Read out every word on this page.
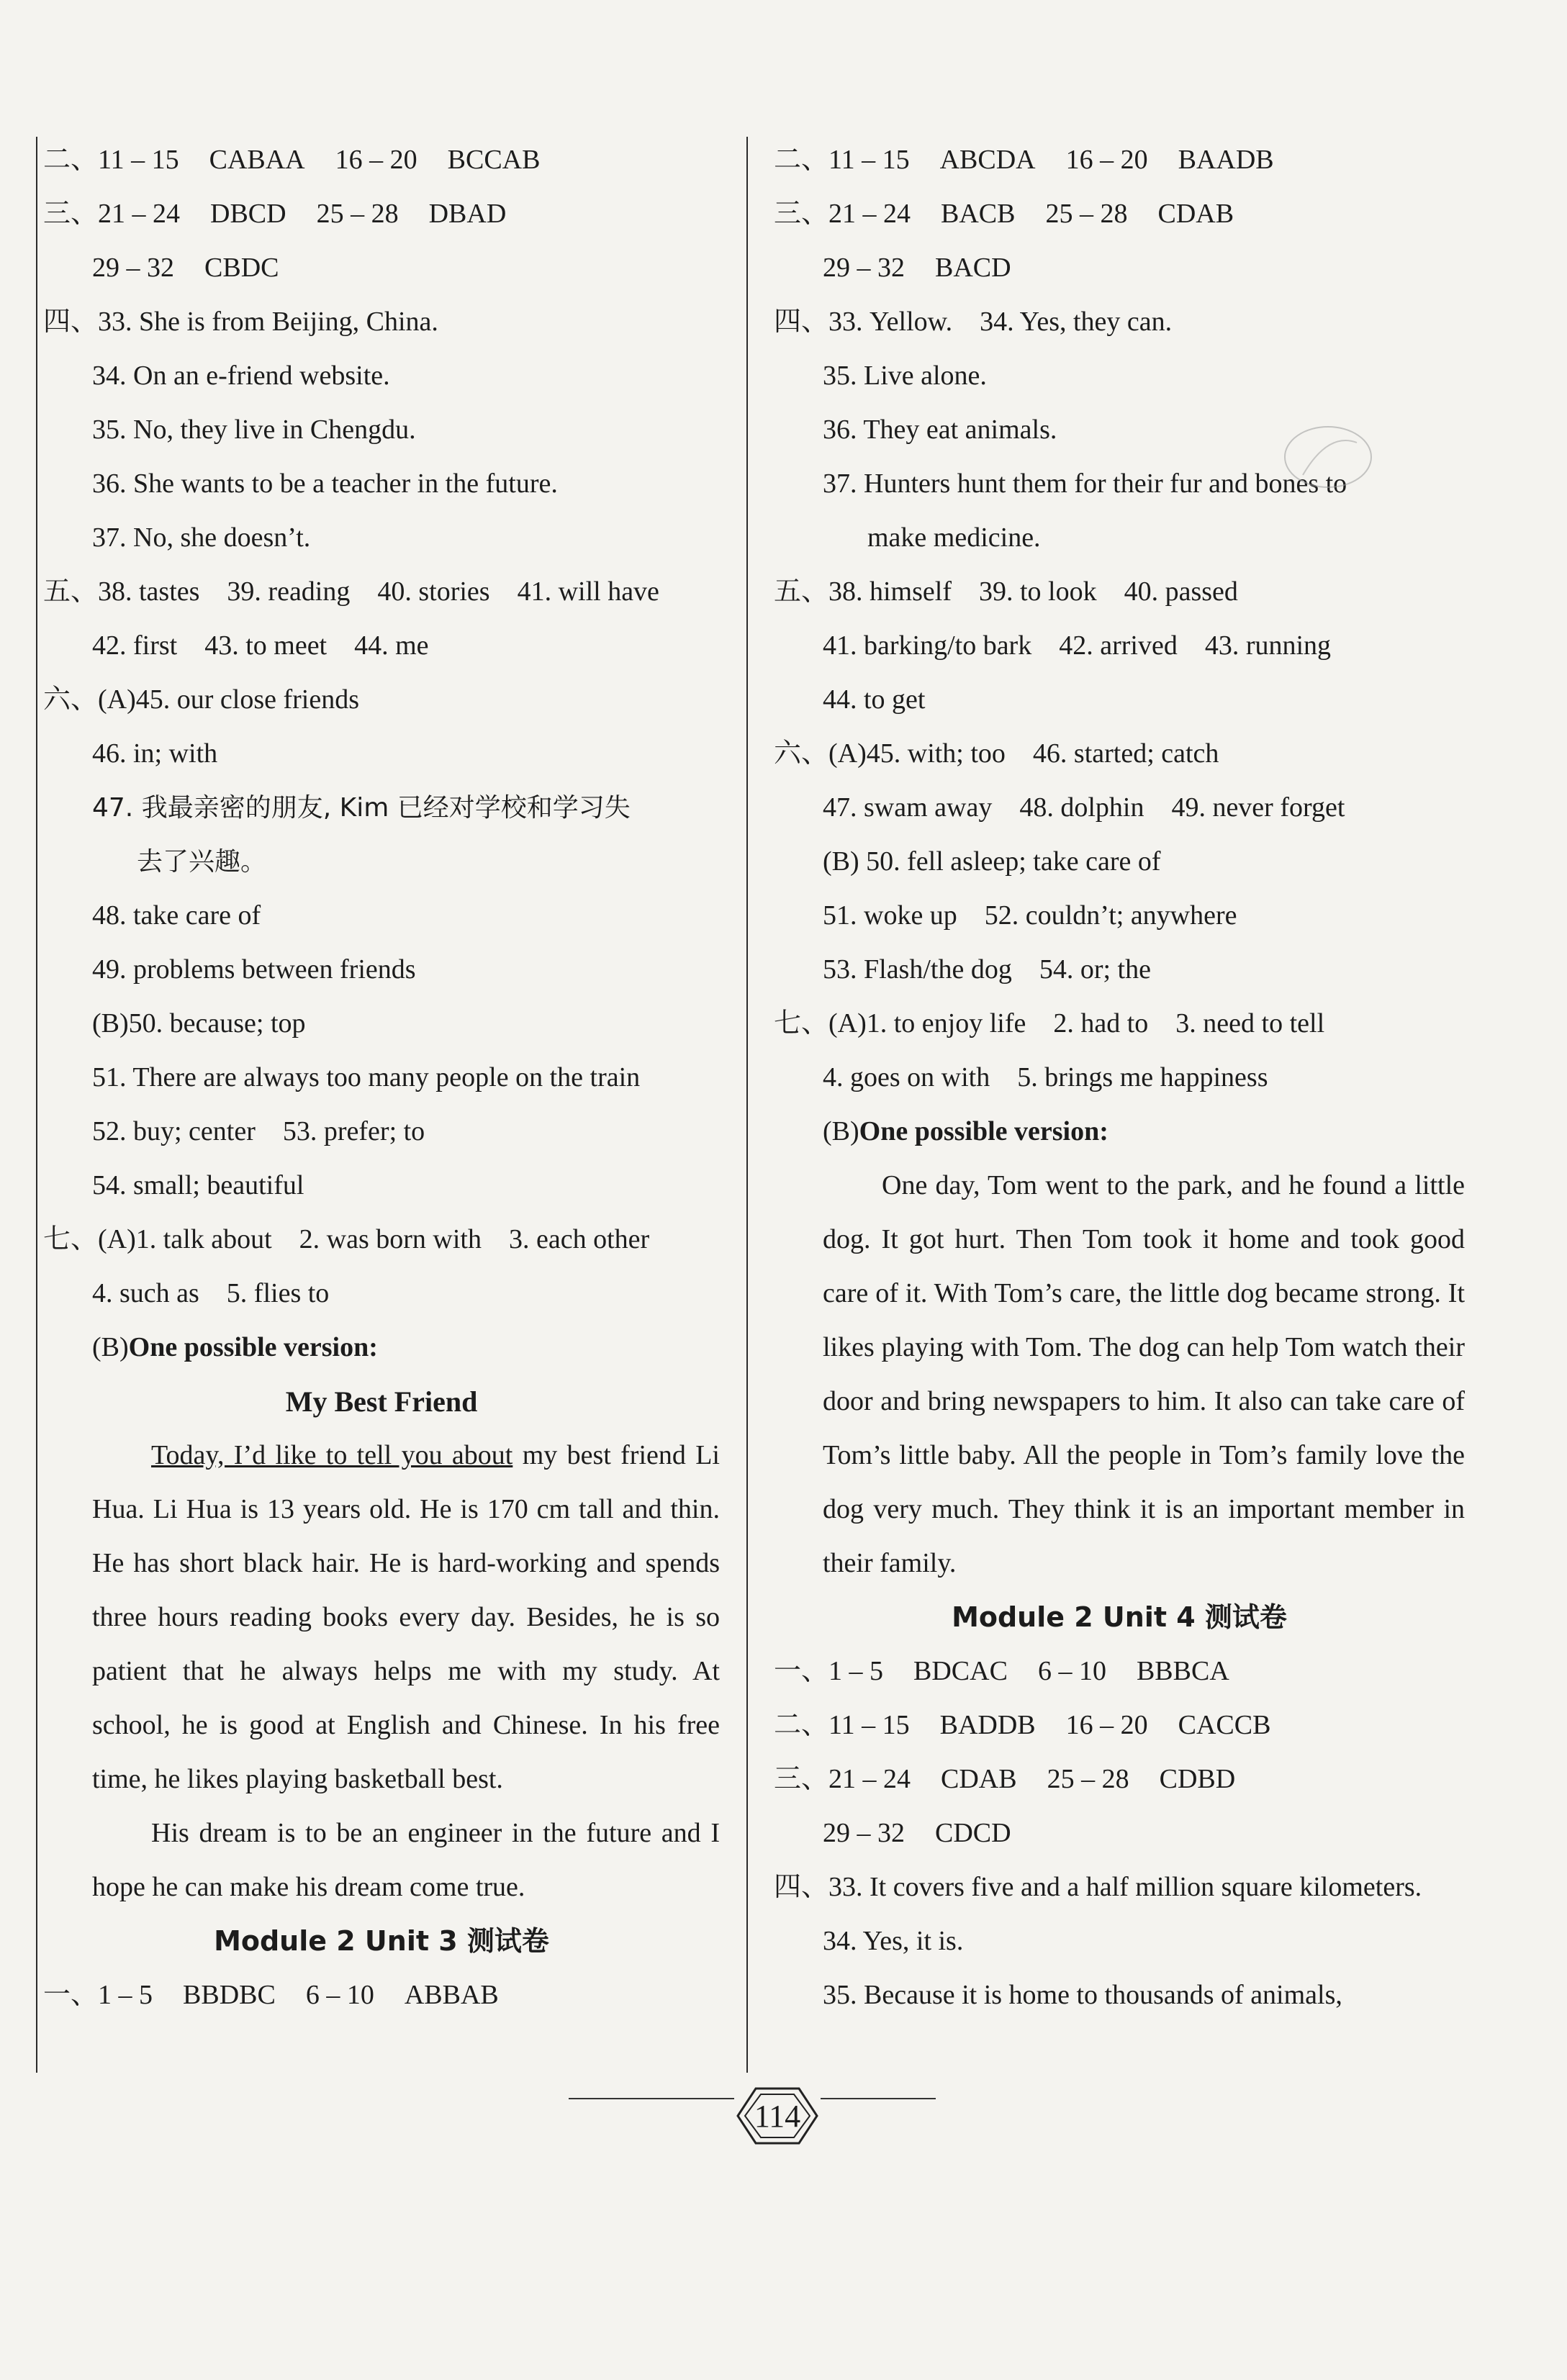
二、11 – 15 CABAA 16 – 20 BCCAB
三、21 – 24 DBCD 25 – 28 DBAD
29 – 32 CBDC
四、33. She is from Beijing, China.
34. On an e-friend website.
35. No, they live in Chengdu.
36. She wants to be a teacher in the future.
37. No, she doesn’t.
五、38. tastes    39. reading    40. stories    41. will have
42. first    43. to meet    44. me
六、(A)45. our close friends
46. in; with
47. 我最亲密的朋友, Kim 已经对学校和学习失
去了兴趣。
48. take care of
49. problems between friends
(B)50. because; top
51. There are always too many people on the train
52. buy; center    53. prefer; to
54. small; beautiful
七、(A)1. talk about    2. was born with    3. each other
4. such as    5. flies to
(B)One possible version:
My Best Friend
Today, I’d like to tell you about my best friend Li Hua. Li Hua is 13 years old. He is 170 cm tall and thin. He has short black hair. He is hard-working and spends three hours reading books every day. Besides, he is so patient that he always helps me with my study. At school, he is good at English and Chinese. In his free time, he likes playing basketball best.
His dream is to be an engineer in the future and I hope he can make his dream come true.
Module 2 Unit 3 测试卷
一、1 – 5 BBDBC 6 – 10 ABBAB
二、11 – 15 ABCDA 16 – 20 BAADB
三、21 – 24 BACB 25 – 28 CDAB
29 – 32 BACD
四、33. Yellow.    34. Yes, they can.
35. Live alone.
36. They eat animals.
37. Hunters hunt them for their fur and bones to
make medicine.
五、38. himself    39. to look    40. passed
41. barking/to bark    42. arrived    43. running
44. to get
六、(A)45. with; too    46. started; catch
47. swam away    48. dolphin    49. never forget
(B) 50. fell asleep; take care of
51. woke up    52. couldn’t; anywhere
53. Flash/the dog    54. or; the
七、(A)1. to enjoy life    2. had to    3. need to tell
4. goes on with    5. brings me happiness
(B)One possible version:
One day, Tom went to the park, and he found a little dog. It got hurt. Then Tom took it home and took good care of it. With Tom’s care, the little dog became strong. It likes playing with Tom. The dog can help Tom watch their door and bring newspapers to him. It also can take care of Tom’s little baby. All the people in Tom’s family love the dog very much. They think it is an important member in their family.
Module 2 Unit 4 测试卷
一、1 – 5 BDCAC 6 – 10 BBBCA
二、11 – 15 BADDB 16 – 20 CACCB
三、21 – 24 CDAB 25 – 28 CDBD
29 – 32 CDCD
四、33. It covers five and a half million square kilometers.
34. Yes, it is.
35. Because it is home to thousands of animals,
114
